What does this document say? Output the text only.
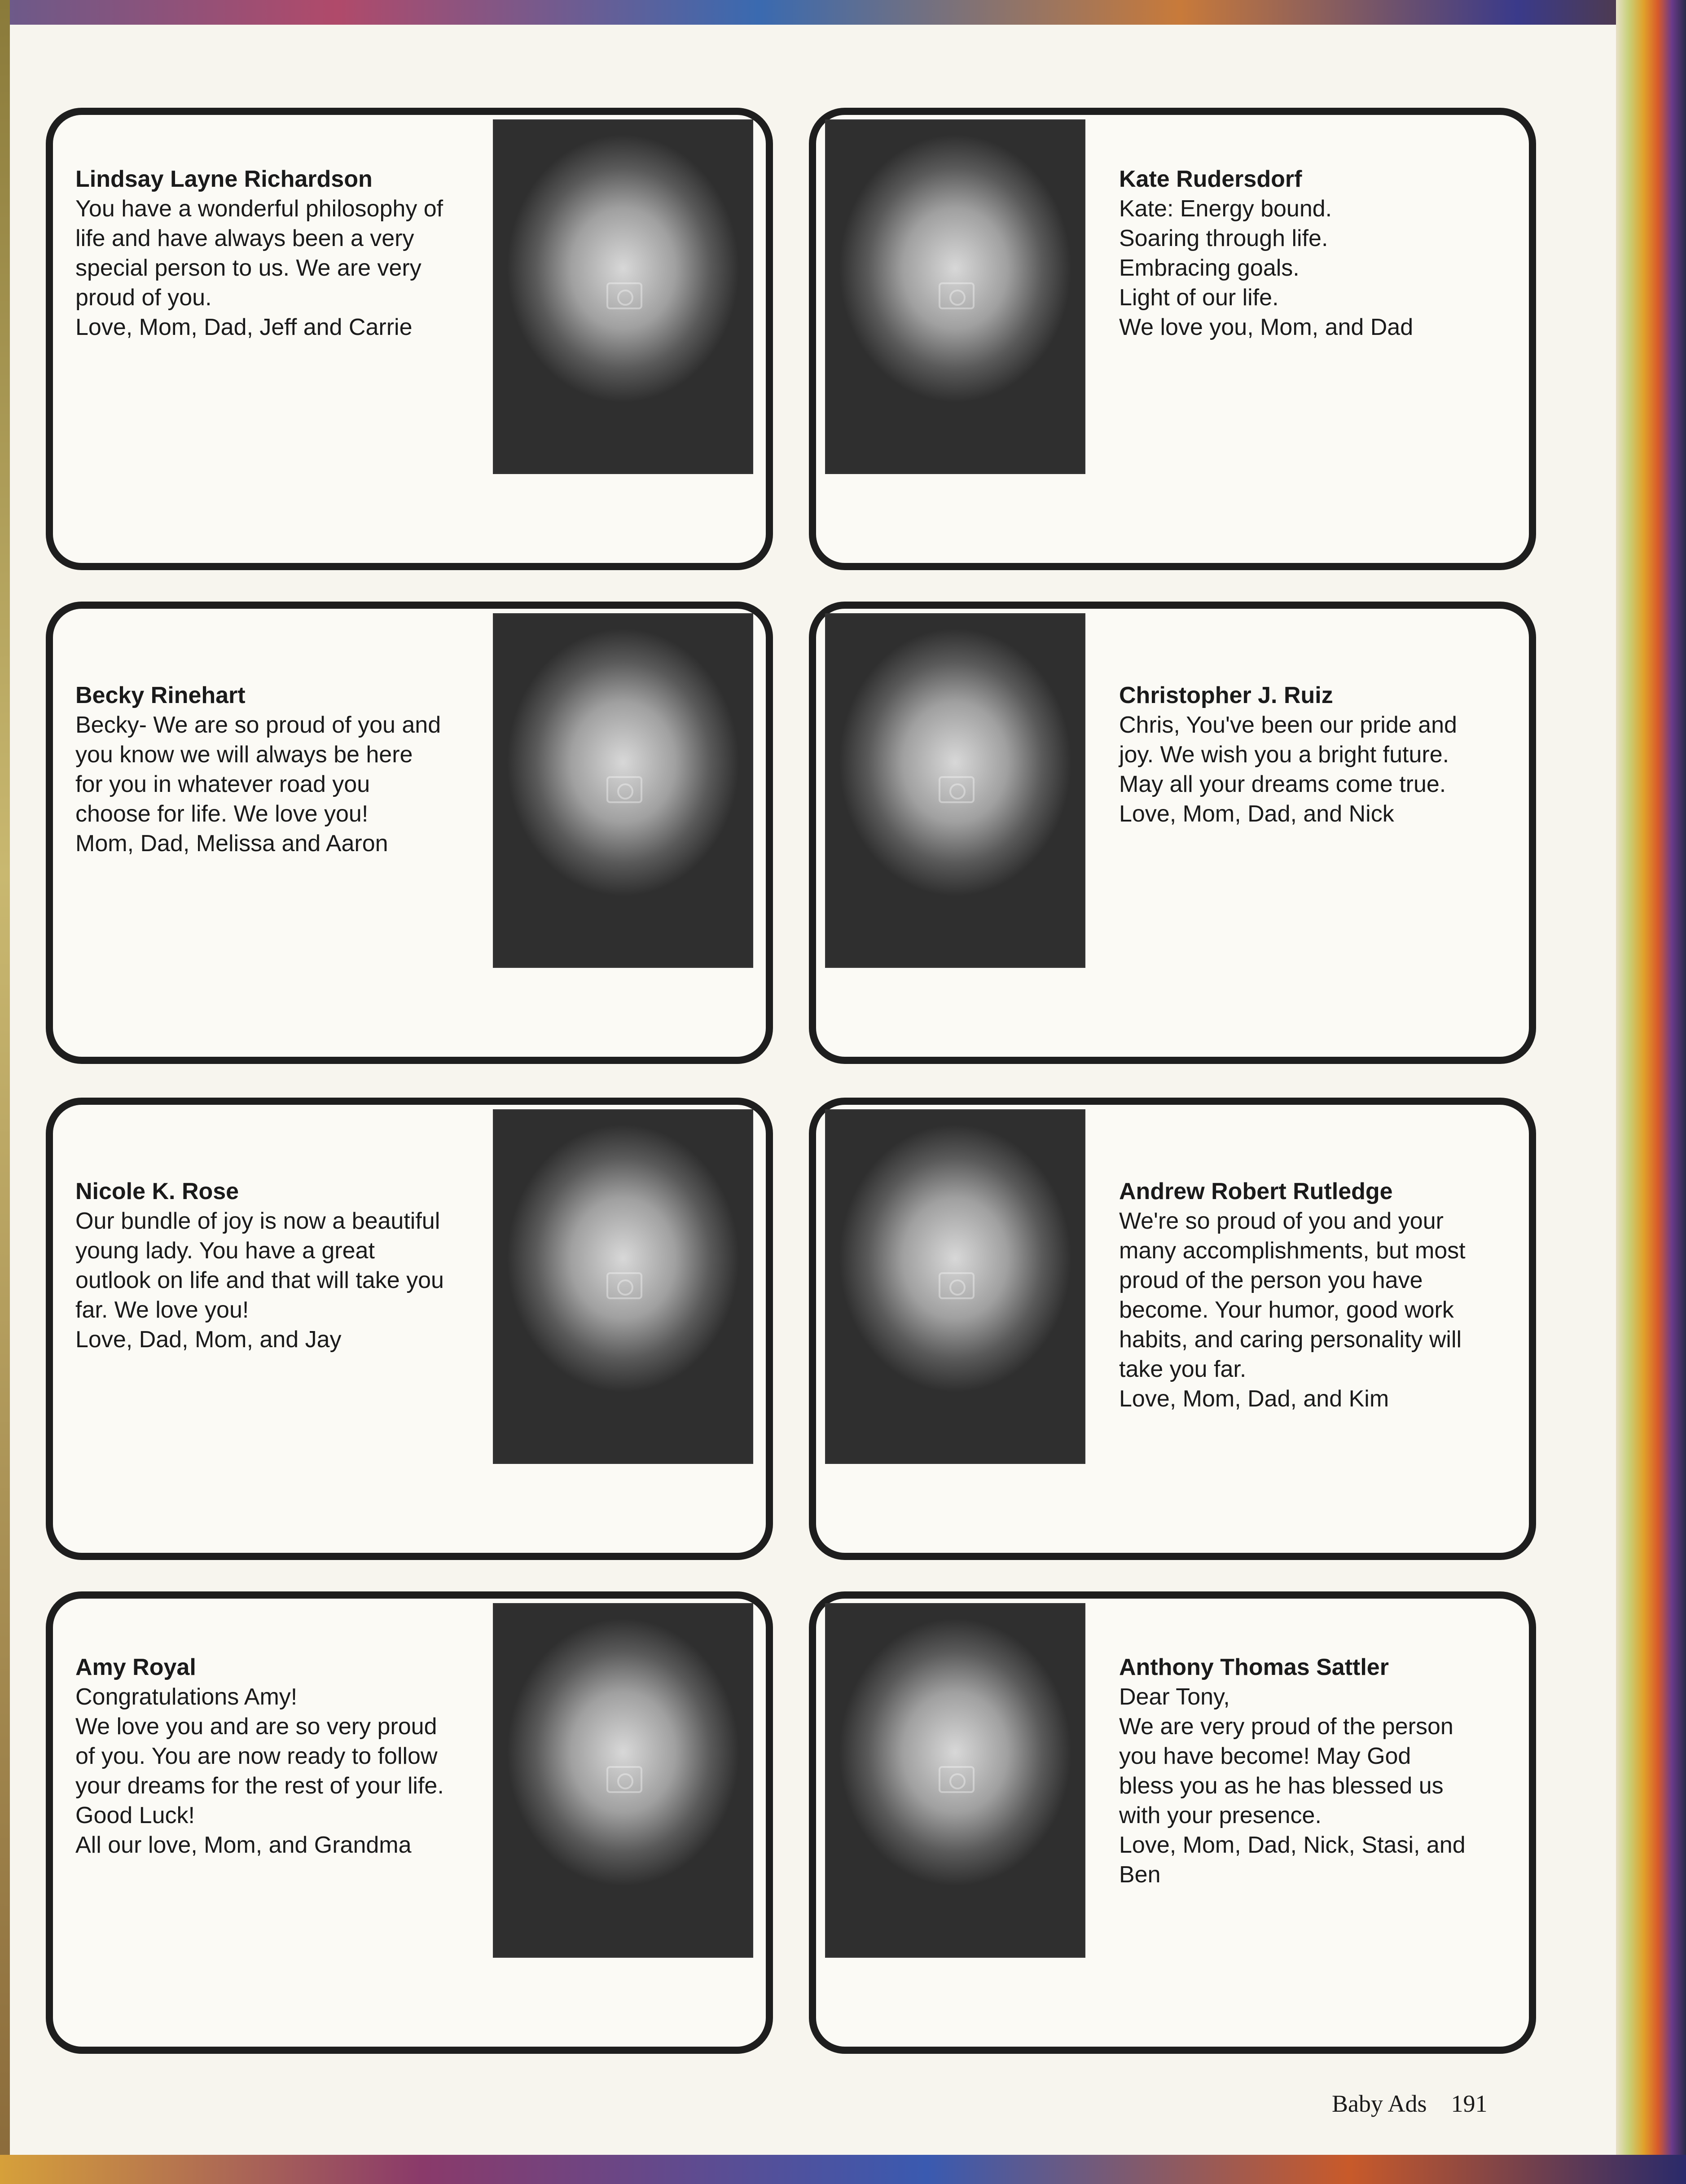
Lindsay Layne Richardson
You have a wonderful philosophy of
life and have always been a very
special person to us. We are very
proud of you.
Love, Mom, Dad, Jeff and Carrie
Kate Rudersdorf
Kate: Energy bound.
Soaring through life.
Embracing goals.
Light of our life.
We love you, Mom, and Dad
Becky Rinehart
Becky- We are so proud of you and
you know we will always be here
for you in whatever road you
choose for life. We love you!
Mom, Dad, Melissa and Aaron
Christopher J. Ruiz
Chris, You've been our pride and
joy. We wish you a bright future.
May all your dreams come true.
Love, Mom, Dad, and Nick
Nicole K. Rose
Our bundle of joy is now a beautiful
young lady. You have a great
outlook on life and that will take you
far. We love you!
Love, Dad, Mom, and Jay
Andrew Robert Rutledge
We're so proud of you and your
many accomplishments, but most
proud of the person you have
become. Your humor, good work
habits, and caring personality will
take you far.
Love, Mom, Dad, and Kim
Amy Royal
Congratulations Amy!
We love you and are so very proud
of you. You are now ready to follow
your dreams for the rest of your life.
Good Luck!
All our love, Mom, and Grandma
Anthony Thomas Sattler
Dear Tony,
We are very proud of the person
you have become! May God
bless you as he has blessed us
with your presence.
Love, Mom, Dad, Nick, Stasi, and
Ben
Baby Ads 191
